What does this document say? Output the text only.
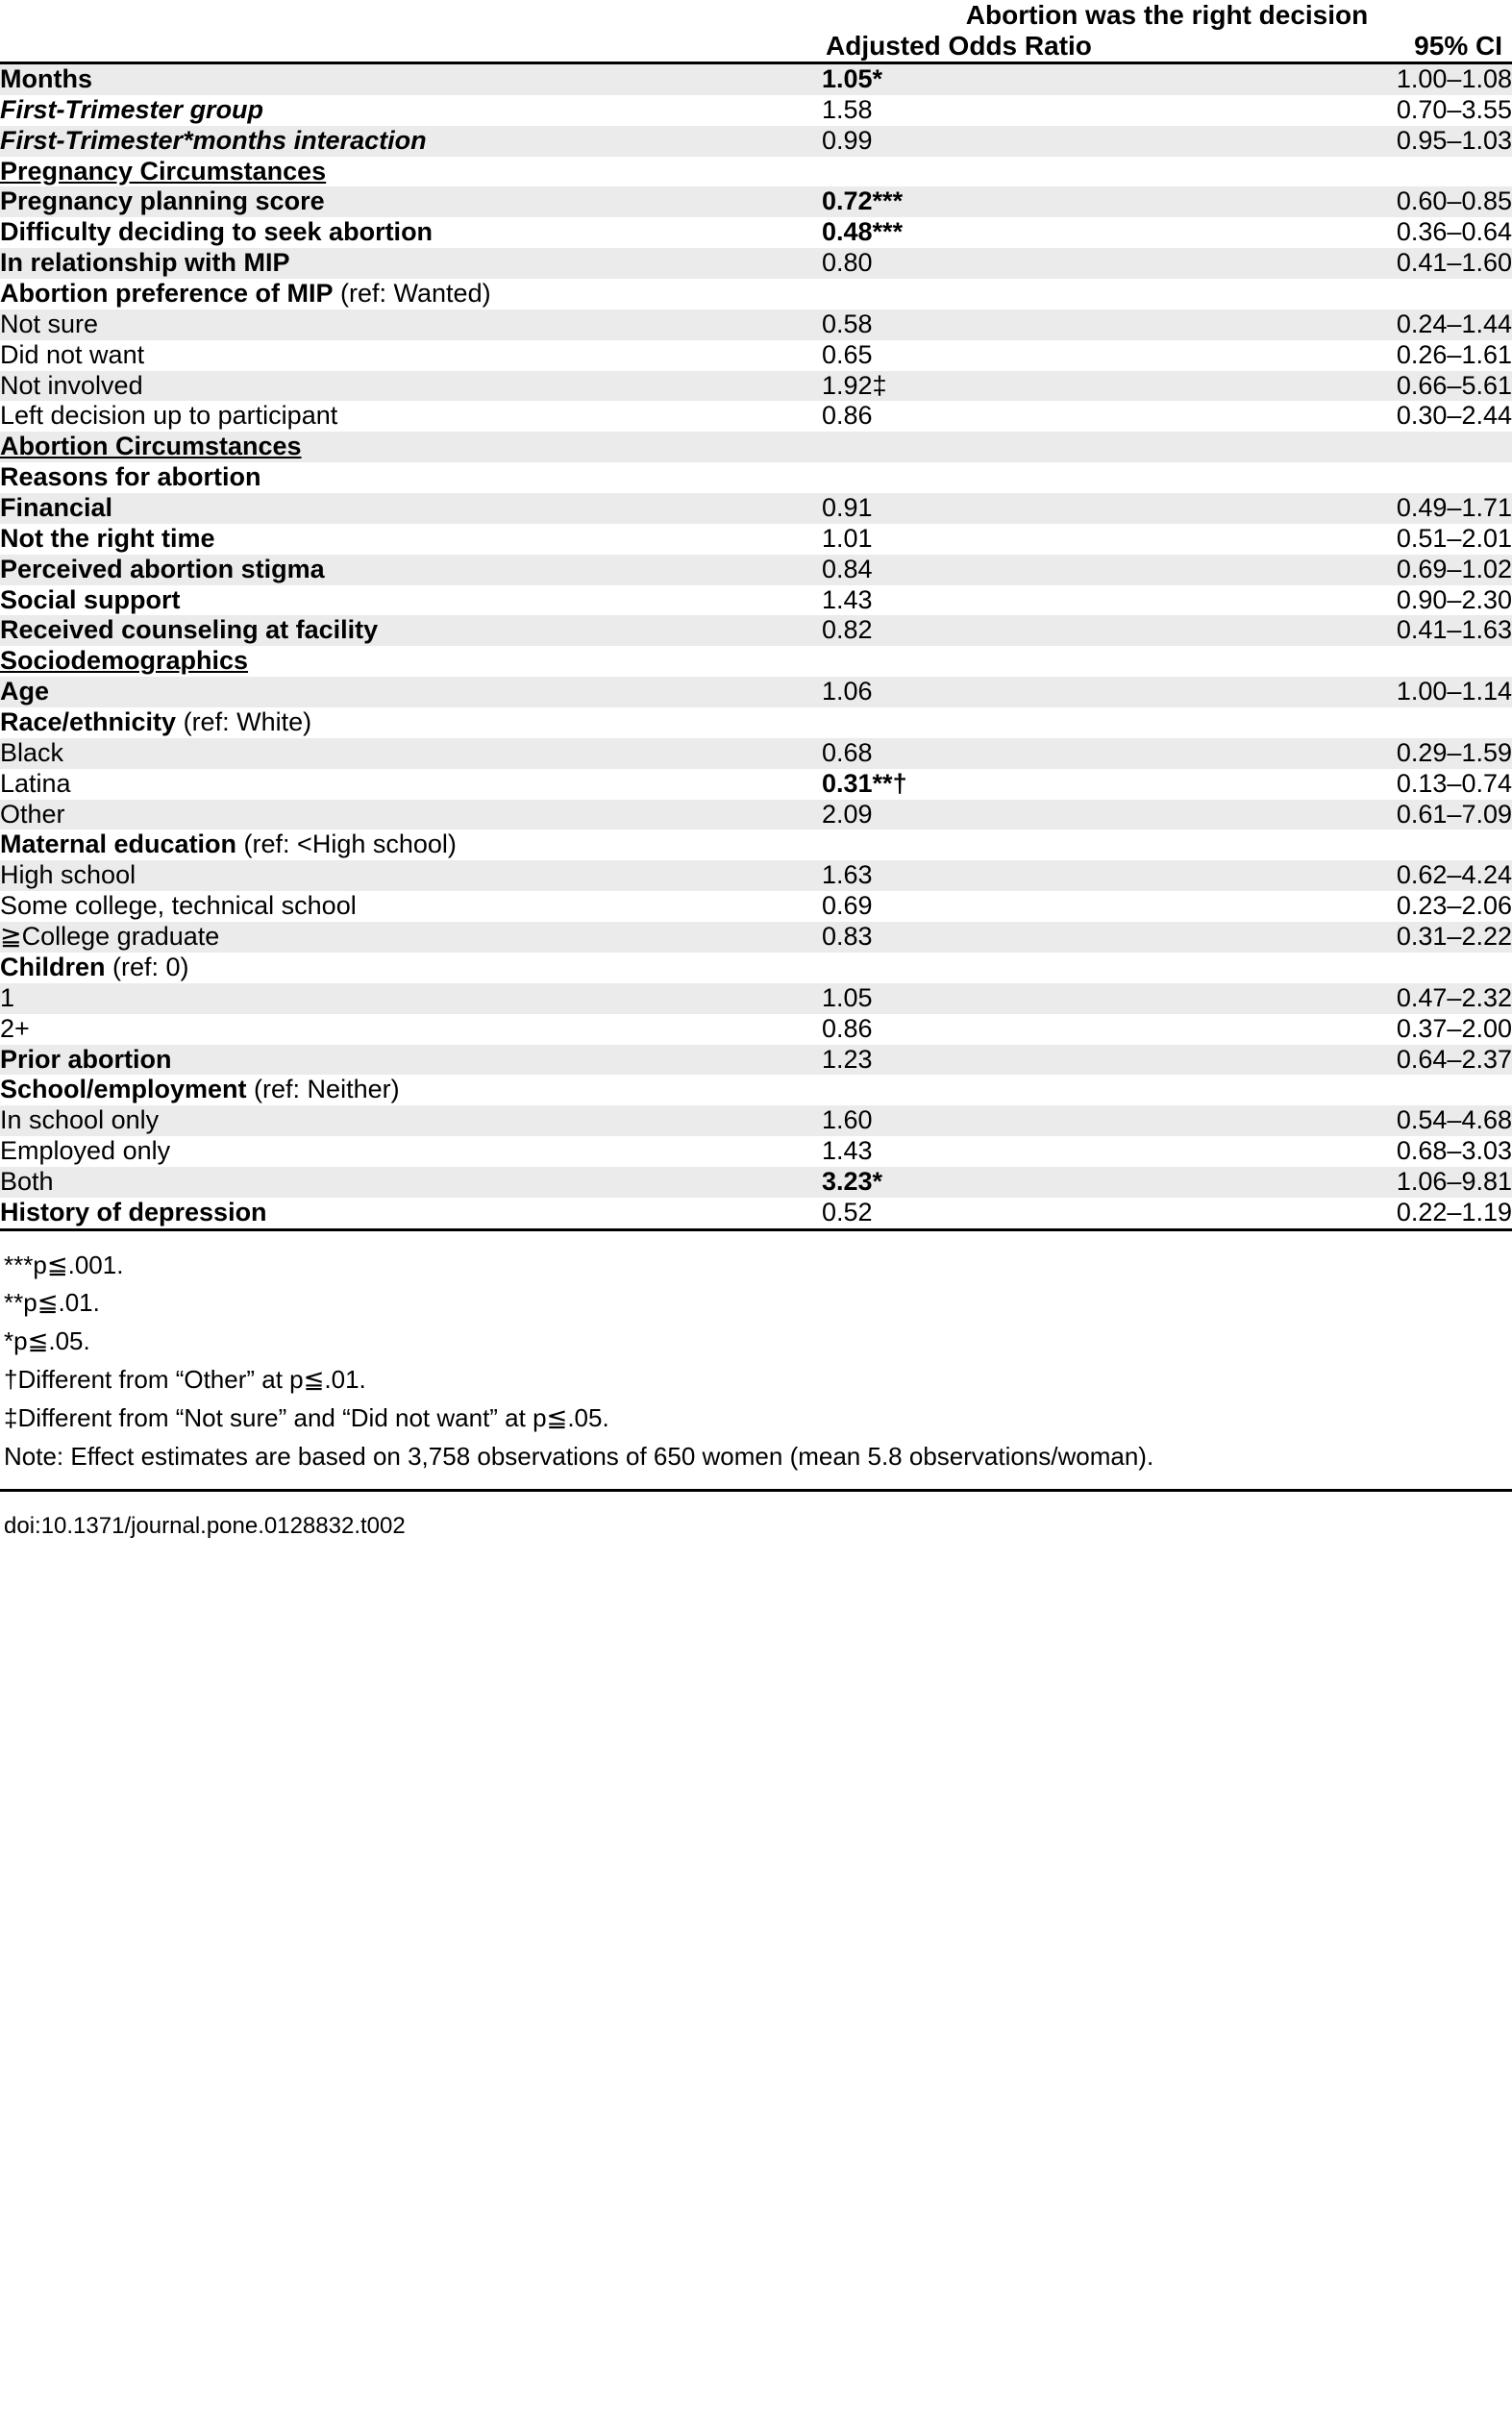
	Abortion was the right decision	
	Adjusted Odds Ratio	95% CI
Months	1.05*	1.00–1.08
First-Trimester group	1.58	0.70–3.55
First-Trimester*months interaction	0.99	0.95–1.03
Pregnancy Circumstances		
Pregnancy planning score	0.72***	0.60–0.85
Difficulty deciding to seek abortion	0.48***	0.36–0.64
In relationship with MIP	0.80	0.41–1.60
Abortion preference of MIP (ref: Wanted)		
Not sure	0.58	0.24–1.44
Did not want	0.65	0.26–1.61
Not involved	1.92‡	0.66–5.61
Left decision up to participant	0.86	0.30–2.44
Abortion Circumstances		
Reasons for abortion		
Financial	0.91	0.49–1.71
Not the right time	1.01	0.51–2.01
Perceived abortion stigma	0.84	0.69–1.02
Social support	1.43	0.90–2.30
Received counseling at facility	0.82	0.41–1.63
Sociodemographics		
Age	1.06	1.00–1.14
Race/ethnicity (ref: White)		
Black	0.68	0.29–1.59
Latina	0.31**†	0.13–0.74
Other	2.09	0.61–7.09
Maternal education (ref: <High school)		
High school	1.63	0.62–4.24
Some college, technical school	0.69	0.23–2.06
≧College graduate	0.83	0.31–2.22
Children (ref: 0)		
1	1.05	0.47–2.32
2+	0.86	0.37–2.00
Prior abortion	1.23	0.64–2.37
School/employment (ref: Neither)		
In school only	1.60	0.54–4.68
Employed only	1.43	0.68–3.03
Both	3.23*	1.06–9.81
History of depression	0.52	0.22–1.19
***p≦.001.
**p≦.01.
*p≦.05.
†Different from “Other” at p≦.01.
‡Different from “Not sure” and “Did not want” at p≦.05.
Note: Effect estimates are based on 3,758 observations of 650 women (mean 5.8 observations/woman).
doi:10.1371/journal.pone.0128832.t002
